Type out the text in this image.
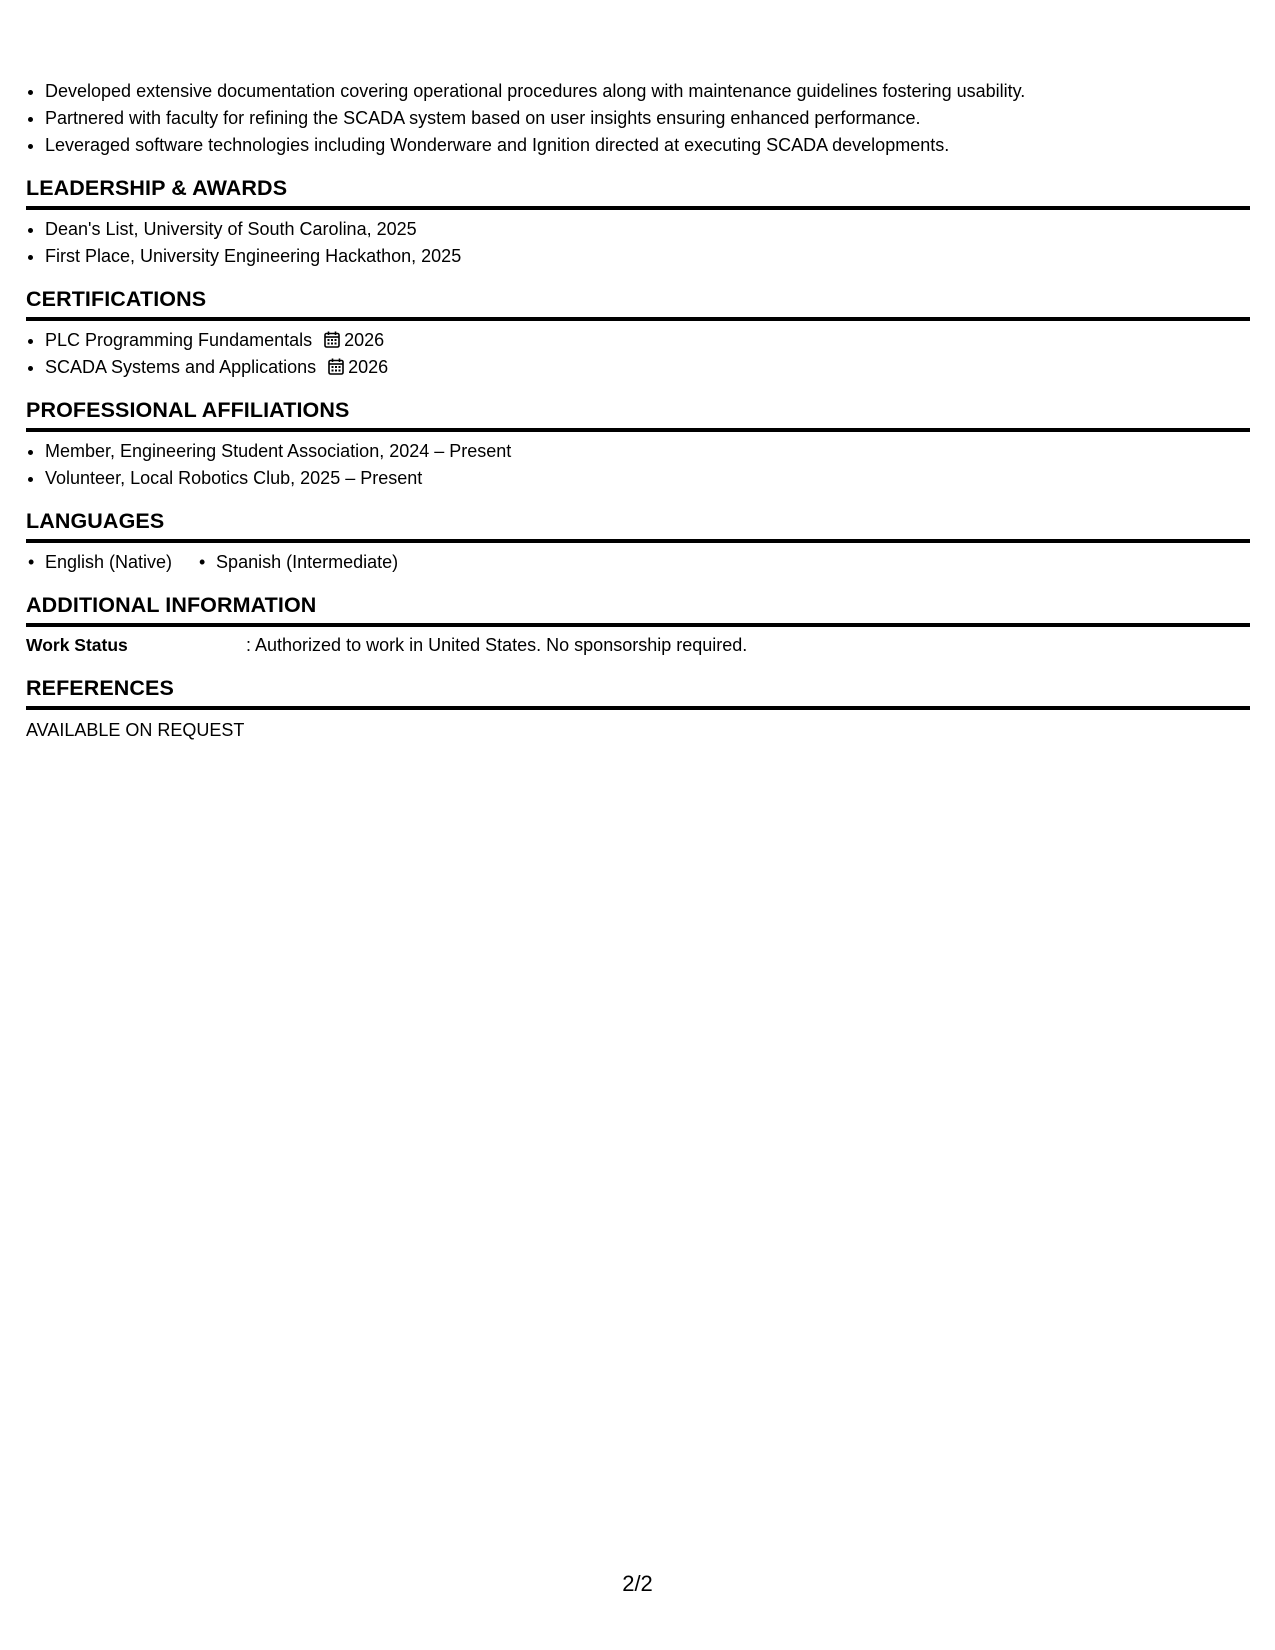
• Developed extensive documentation covering operational procedures along with maintenance guidelines fostering usability.
• Partnered with faculty for refining the SCADA system based on user insights ensuring enhanced performance.
• Leveraged software technologies including Wonderware and Ignition directed at executing SCADA developments.
LEADERSHIP & AWARDS
• Dean's List, University of South Carolina, 2025
• First Place, University Engineering Hackathon, 2025
CERTIFICATIONS
• PLC Programming Fundamentals 2026
• SCADA Systems and Applications 2026
PROFESSIONAL AFFILIATIONS
• Member, Engineering Student Association, 2024 – Present
• Volunteer, Local Robotics Club, 2025 – Present
LANGUAGES
• English (Native)
•	Spanish (Intermediate)
ADDITIONAL INFORMATION
Work Status	: Authorized to work in United States. No sponsorship required.
REFERENCES
AVAILABLE ON REQUEST
2/2
